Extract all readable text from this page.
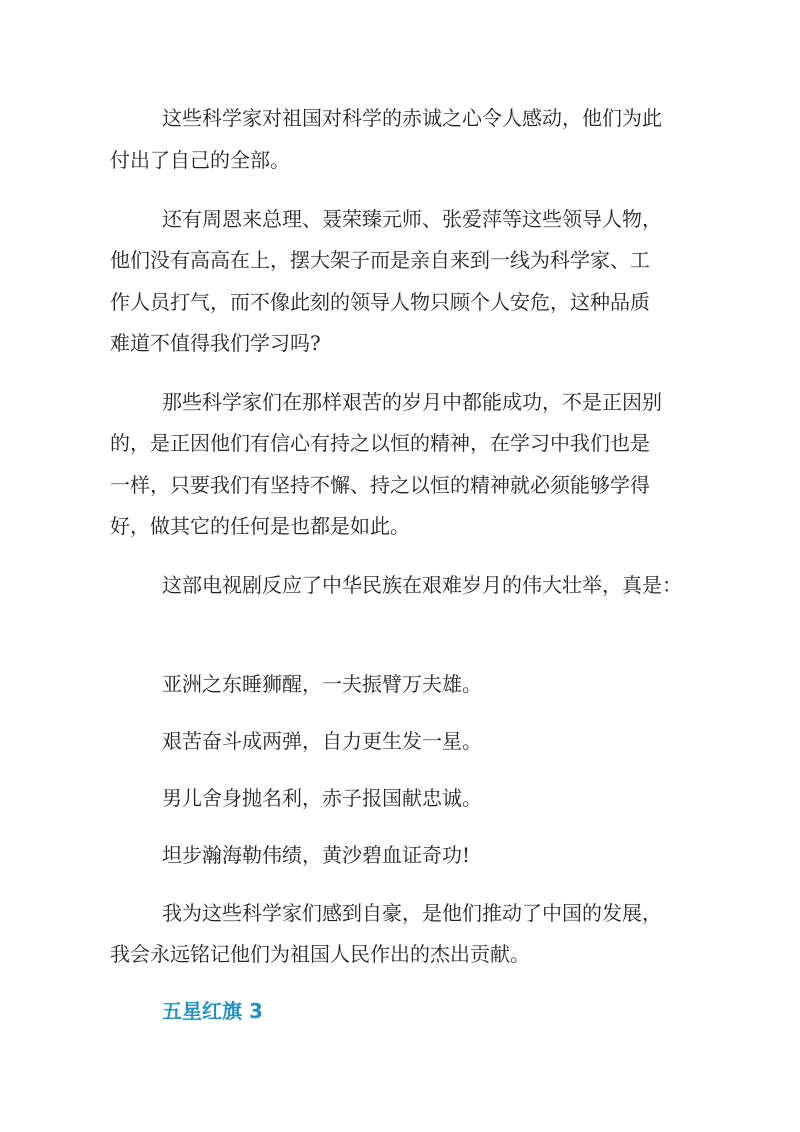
这些科学家对祖国对科学的赤诚之心令人感动，他们为此

付出了自己的全部。

还有周恩来总理、聂荣臻元师、张爱萍等这些领导人物，

他们没有高高在上，摆大架子而是亲自来到一线为科学家、工

作人员打气，而不像此刻的领导人物只顾个人安危，这种品质

难道不值得我们学习吗?

那些科学家们在那样艰苦的岁月中都能成功，不是正因别

的，是正因他们有信心有持之以恒的精神，在学习中我们也是

一样，只要我们有坚持不懈、持之以恒的精神就必须能够学得

好，做其它的任何是也都是如此。

这部电视剧反应了中华民族在艰难岁月的伟大壮举，真是：

亚洲之东睡狮醒，一夫振臂万夫雄。

艰苦奋斗成两弹，自力更生发一星。

男儿舍身抛名利，赤子报国献忠诚。

坦步瀚海勒伟绩，黄沙碧血证奇功!

我为这些科学家们感到自豪，是他们推动了中国的发展，

我会永远铭记他们为祖国人民作出的杰出贡献。

五星红旗 3
